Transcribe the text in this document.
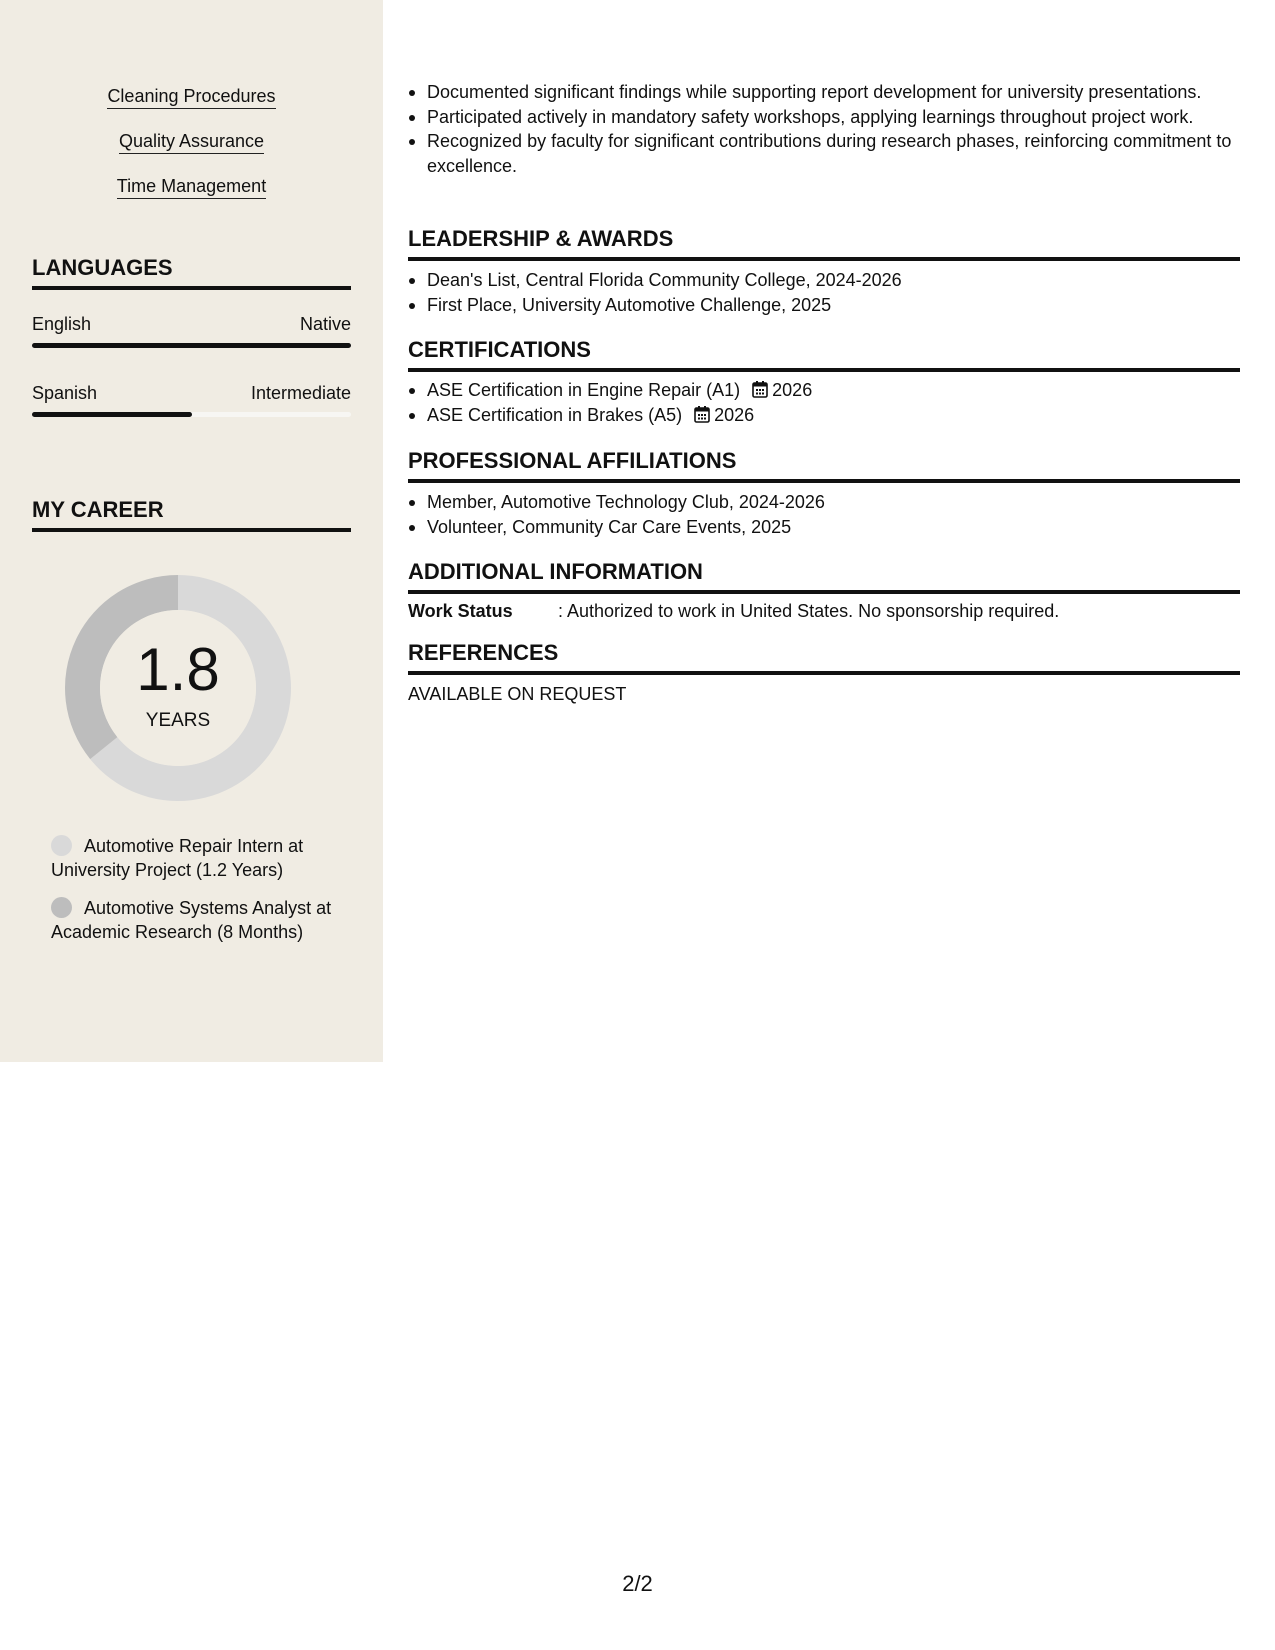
Cleaning Procedures
Quality Assurance
Time Management
LANGUAGES
English	Native
Spanish	Intermediate
MY CAREER
1.8
YEARS
Automotive Repair Intern at University Project (1.2 Years)
Automotive Systems Analyst at Academic Research (8 Months)
Documented significant findings while supporting report development for university presentations.
Participated actively in mandatory safety workshops, applying learnings throughout project work.
Recognized by faculty for significant contributions during research phases, reinforcing commitment to excellence.
LEADERSHIP & AWARDS
Dean's List, Central Florida Community College, 2024-2026
First Place, University Automotive Challenge, 2025
CERTIFICATIONS
ASE Certification in Engine Repair (A1) 2026
ASE Certification in Brakes (A5) 2026
PROFESSIONAL AFFILIATIONS
Member, Automotive Technology Club, 2024-2026
Volunteer, Community Car Care Events, 2025
ADDITIONAL INFORMATION
Work Status	: Authorized to work in United States. No sponsorship required.
REFERENCES
AVAILABLE ON REQUEST
2/2
